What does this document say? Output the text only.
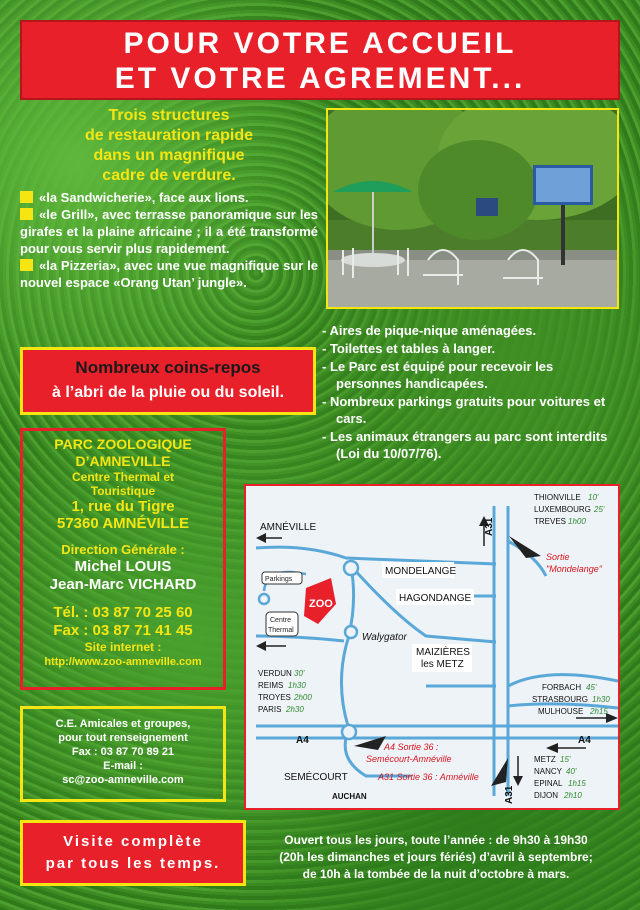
POUR VOTRE ACCUEIL
ET VOTRE AGREMENT...
Trois structures
de restauration rapide
dans un magnifique
cadre de verdure.
«la Sandwicherie», face aux lions.
«le Grill», avec terrasse panoramique sur les girafes et la plaine africaine ; il a été transformé pour vous servir plus rapidement.
«la Pizzeria», avec une vue magnifique sur le nouvel espace «Orang Utan’ jungle».
Nombreux coins-repos
à l’abri de la pluie ou du soleil.
- Aires de pique-nique aménagées.
- Toilettes et tables à langer.
- Le Parc est équipé pour recevoir les personnes handicapées.
- Nombreux parkings gratuits pour voitures et cars.
- Les animaux étrangers au parc sont interdits (Loi du 10/07/76).
PARC ZOOLOGIQUE
D’AMNEVILLE
Centre Thermal et
Touristique
1, rue du Tigre
57360 AMNÉVILLE
Direction Générale :
Michel LOUIS
Jean-Marc VICHARD
Tél. : 03 87 70 25 60
Fax : 03 87 71 41 45
Site internet :
http://www.zoo-amneville.com
C.E. Amicales et groupes,
pour tout renseignement
Fax : 03 87 70 89 21
E-mail :
sc@zoo-amneville.com
ZOO
Parkings
Centre
Thermal
AMNÉVILLE
MONDELANGE
HAGONDANGE
Walygator
MAIZIÈRES
les METZ
A31
A31
A4	A4
SEMÉCOURT
AUCHAN
Sortie
"Mondelange"
A4 Sortie 36 :
Semécourt-Amnéville
A31 Sortie 36 : Amnéville
THIONVILLE 10'
LUXEMBOURG 25'
TREVES 1h00
VERDUN 30'
REIMS 1h30
TROYES 2h00
PARIS 2h30
FORBACH 45'
STRASBOURG 1h30
MULHOUSE 2h15
METZ 15'
NANCY 40'
EPINAL 1h15
DIJON 2h10
Visite complète
par tous les temps.
Ouvert tous les jours, toute l’année : de 9h30 à 19h30
(20h les dimanches et jours fériés) d’avril à septembre;
de 10h à la tombée de la nuit d’octobre à mars.
